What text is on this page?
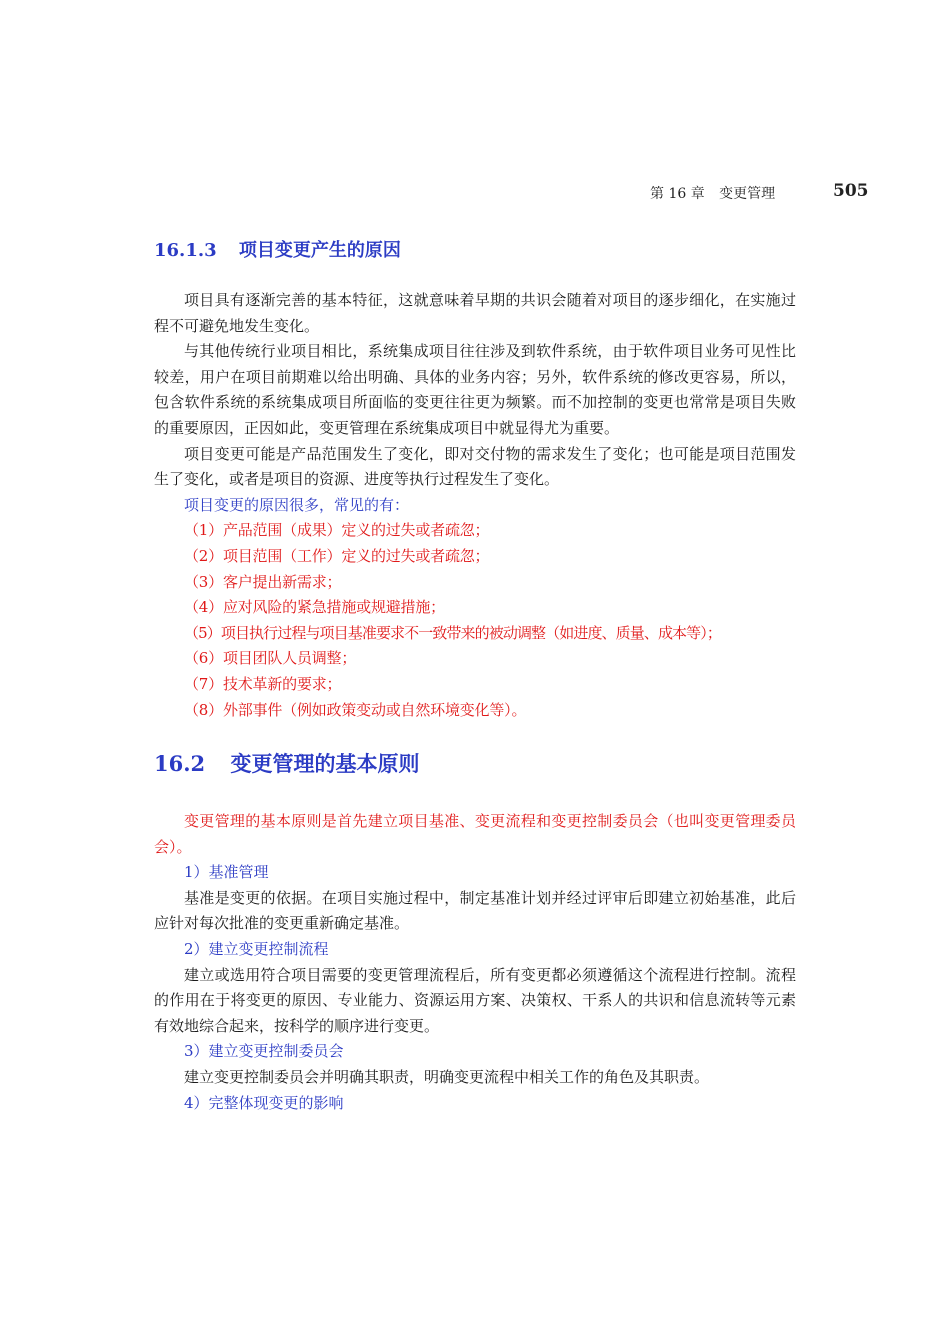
第 16 章 变更管理	505
16.1.3 项目变更产生的原因

项目具有逐渐完善的基本特征，这就意味着早期的共识会随着对项目的逐步细化，在实施过程不可避免地发生变化。

与其他传统行业项目相比，系统集成项目往往涉及到软件系统，由于软件项目业务可见性比较差，用户在项目前期难以给出明确、具体的业务内容；另外，软件系统的修改更容易，所以，包含软件系统的系统集成项目所面临的变更往往更为频繁。而不加控制的变更也常常是项目失败的重要原因，正因如此，变更管理在系统集成项目中就显得尤为重要。

项目变更可能是产品范围发生了变化，即对交付物的需求发生了变化；也可能是项目范围发生了变化，或者是项目的资源、进度等执行过程发生了变化。

项目变更的原因很多，常见的有：

（1）产品范围（成果）定义的过失或者疏忽；

（2）项目范围（工作）定义的过失或者疏忽；

（3）客户提出新需求；

（4）应对风险的紧急措施或规避措施；

（5）项目执行过程与项目基准要求不一致带来的被动调整（如进度、质量、成本等）；

（6）项目团队人员调整；

（7）技术革新的要求；

（8）外部事件（例如政策变动或自然环境变化等）。

16.2 变更管理的基本原则

变更管理的基本原则是首先建立项目基准、变更流程和变更控制委员会（也叫变更管理委员会）。

1）基准管理

基准是变更的依据。在项目实施过程中，制定基准计划并经过评审后即建立初始基准，此后应针对每次批准的变更重新确定基准。

2）建立变更控制流程

建立或选用符合项目需要的变更管理流程后，所有变更都必须遵循这个流程进行控制。流程的作用在于将变更的原因、专业能力、资源运用方案、决策权、干系人的共识和信息流转等元素有效地综合起来，按科学的顺序进行变更。

3）建立变更控制委员会

建立变更控制委员会并明确其职责，明确变更流程中相关工作的角色及其职责。

4）完整体现变更的影响
